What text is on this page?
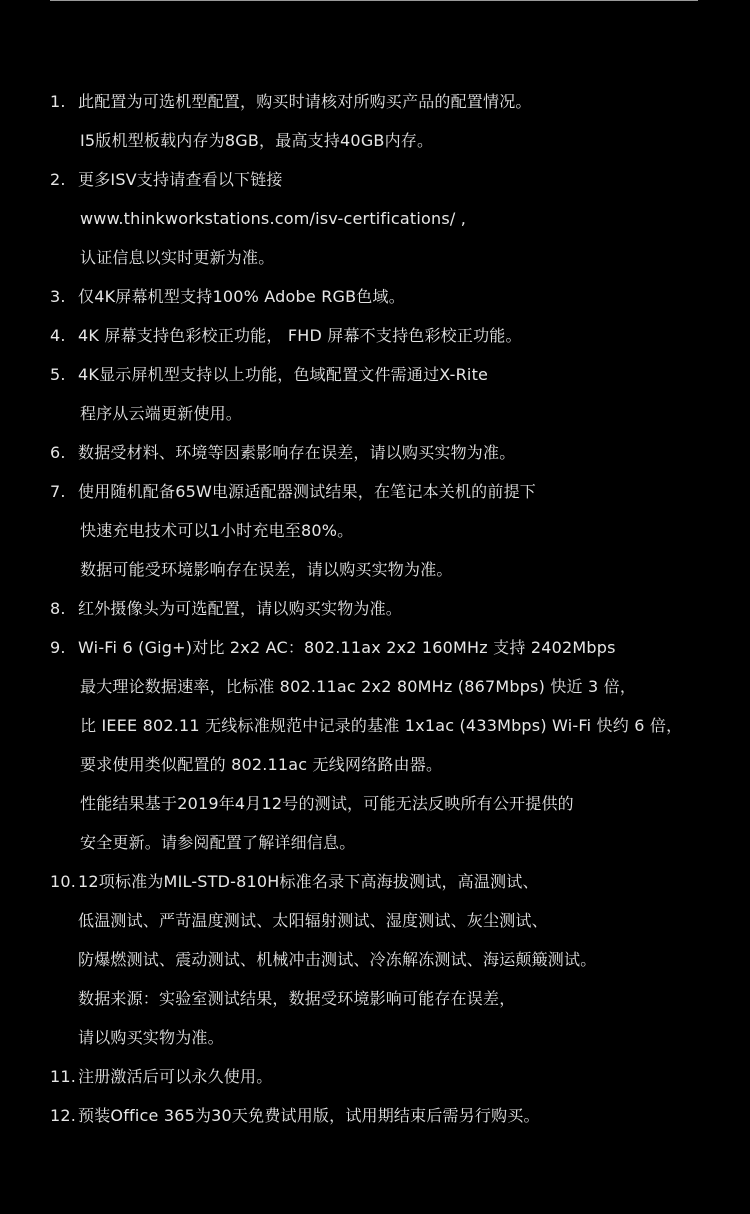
1. 此配置为可选机型配置，购买时请核对所购买产品的配置情况。
I5版机型板载内存为8GB，最高支持40GB内存。
2. 更多ISV支持请查看以下链接
www.thinkworkstations.com/isv-certifications/ ,
认证信息以实时更新为准。
3. 仅4K屏幕机型支持100% Adobe RGB色域。
4. 4K 屏幕支持色彩校正功能， FHD 屏幕不支持色彩校正功能。
5. 4K显示屏机型支持以上功能，色域配置文件需通过X-Rite
程序从云端更新使用。
6. 数据受材料、环境等因素影响存在误差，请以购买实物为准。
7. 使用随机配备65W电源适配器测试结果，在笔记本关机的前提下
快速充电技术可以1小时充电至80%。
数据可能受环境影响存在误差，请以购买实物为准。
8. 红外摄像头为可选配置，请以购买实物为准。
9. Wi-Fi 6 (Gig+)对比 2x2 AC：802.11ax 2x2 160MHz 支持 2402Mbps
最大理论数据速率，比标准 802.11ac 2x2 80MHz (867Mbps) 快近 3 倍，
比 IEEE 802.11 无线标准规范中记录的基准 1x1ac (433Mbps) Wi-Fi 快约 6 倍，
要求使用类似配置的 802.11ac 无线网络路由器。
性能结果基于2019年4月12号的测试，可能无法反映所有公开提供的
安全更新。请参阅配置了解详细信息。
10. 12项标准为MIL-STD-810H标准名录下高海拔测试，高温测试、
低温测试、严苛温度测试、太阳辐射测试、湿度测试、灰尘测试、
防爆燃测试、震动测试、机械冲击测试、冷冻解冻测试、海运颠簸测试。
数据来源：实验室测试结果，数据受环境影响可能存在误差，
请以购买实物为准。
11. 注册激活后可以永久使用。
12. 预装Office 365为30天免费试用版，试用期结束后需另行购买。
